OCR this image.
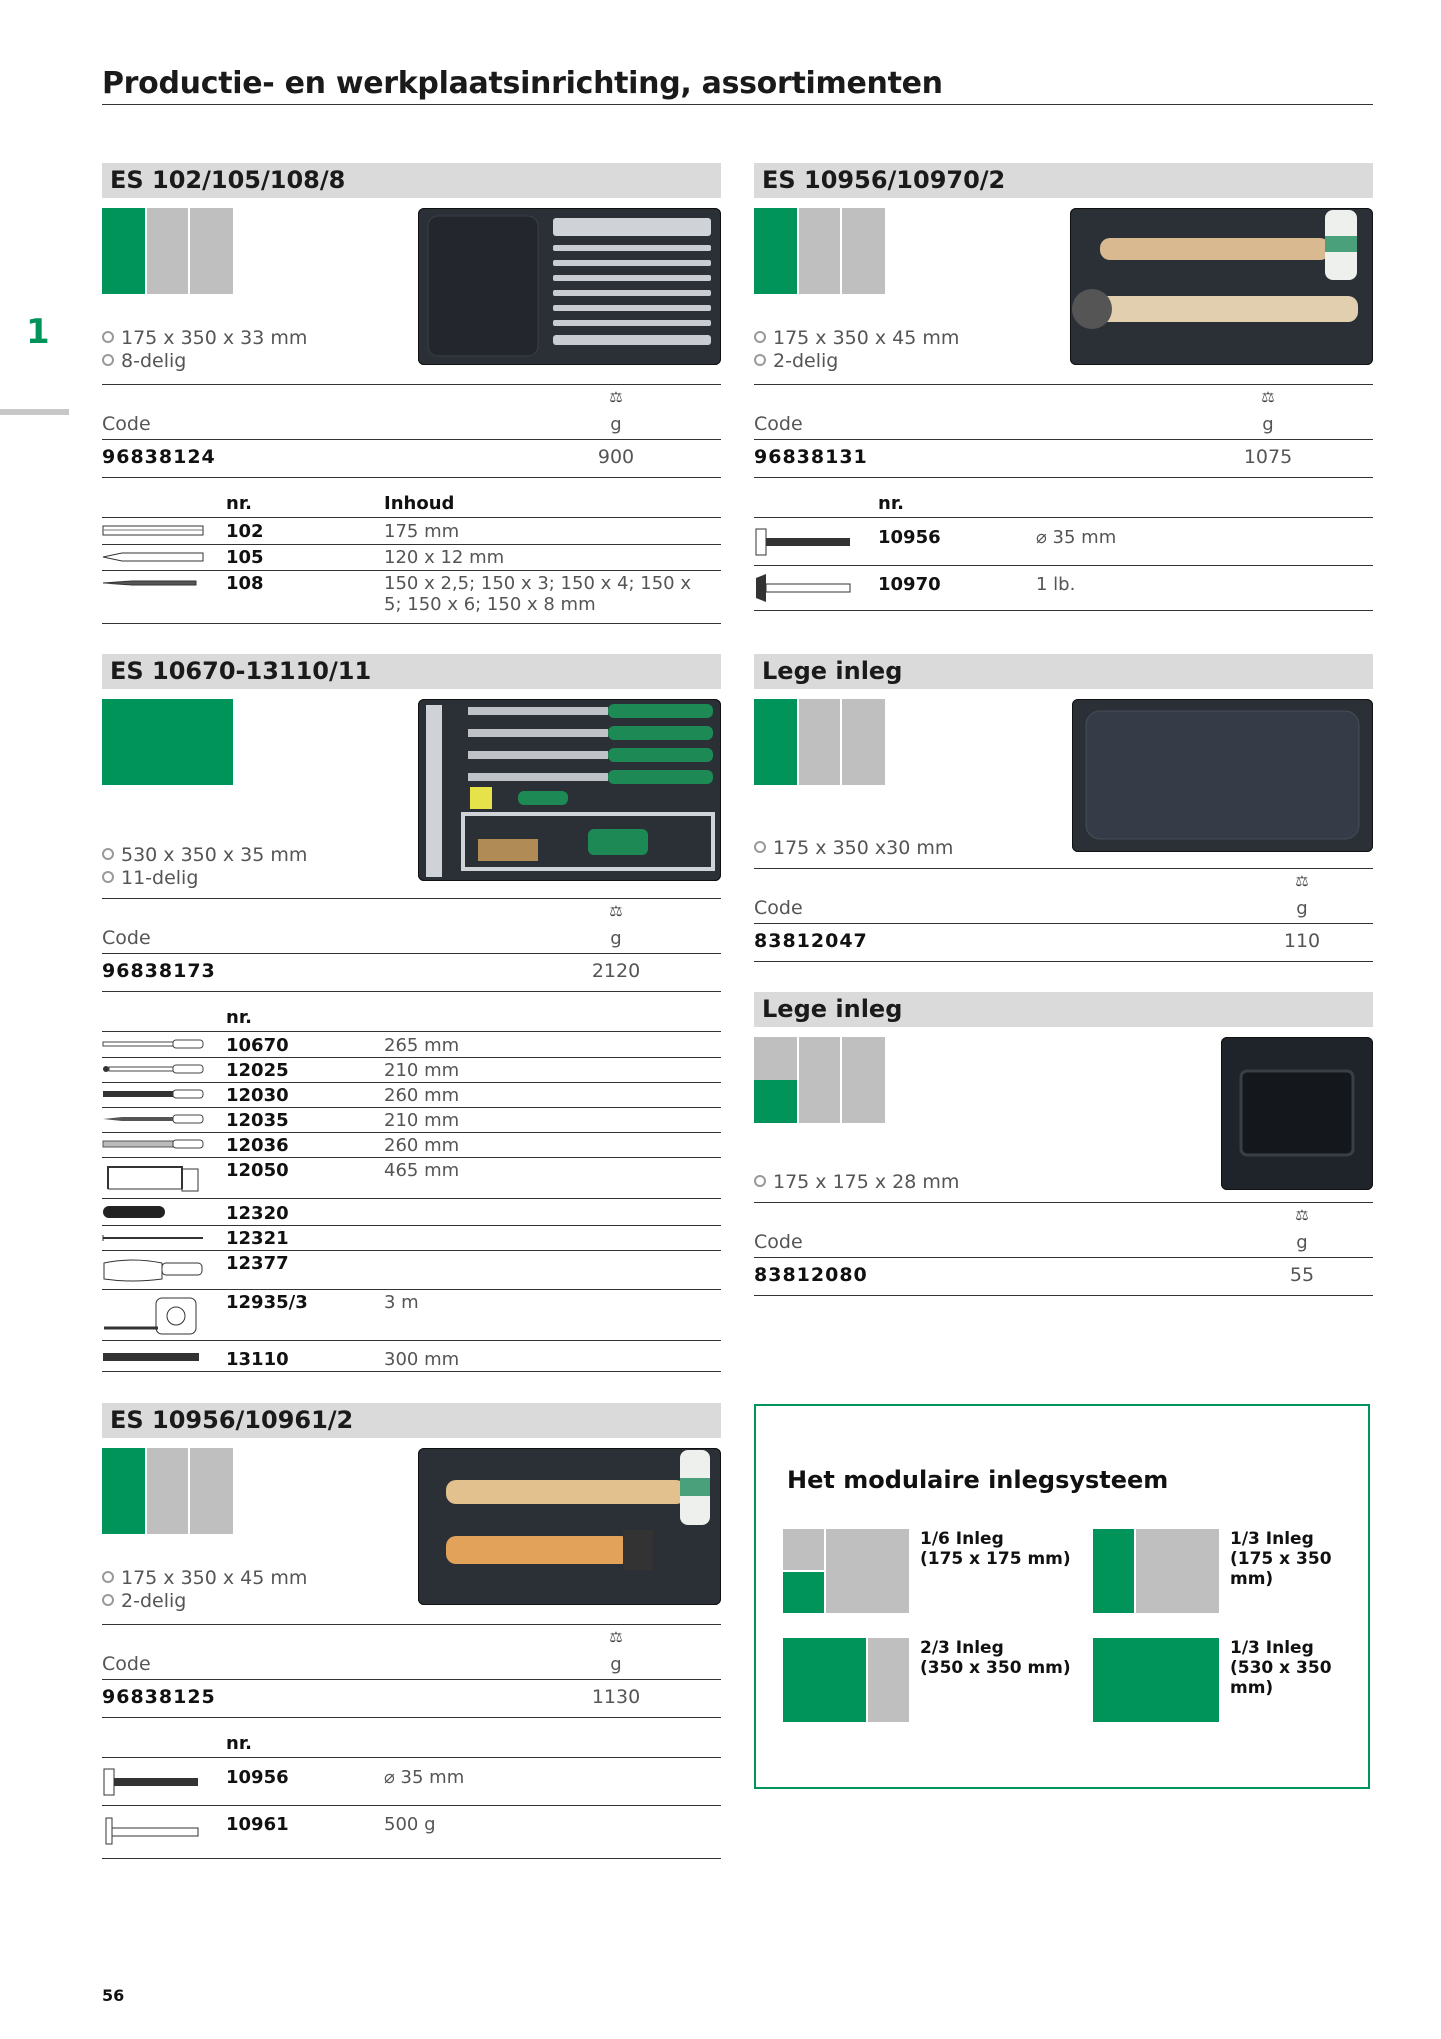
Productie- en werkplaatsinrichting, assortimenten
1
ES 102/105/108/8
175 x 350 x 33 mm
8-delig
Code
⚖
g
96838124	900
nr.	Inhoud
102	175 mm
105	120 x 12 mm
108	150 x 2,5; 150 x 3; 150 x 4; 150 x 5; 150 x 6; 150 x 8 mm
ES 10956/10970/2
175 x 350 x 45 mm
2-delig
Code
⚖
g
96838131	1075
nr.
10956	⌀ 35 mm
10970	1 lb.
ES 10670-13110/11
530 x 350 x 35 mm
11-delig
Code
⚖
g
96838173	2120
nr.
10670	265 mm
12025	210 mm
12030	260 mm
12035	210 mm
12036	260 mm
12050	465 mm
12320
12321
12377
12935/3	3 m
13110	300 mm
Lege inleg
175 x 350 x30 mm
Code
⚖
g
83812047	110
Lege inleg
175 x 175 x 28 mm
Code
⚖
g
83812080	55
ES 10956/10961/2
175 x 350 x 45 mm
2-delig
Code
⚖
g
96838125	1130
nr.
10956	⌀ 35 mm
10961	500 g
Het modulaire inlegsysteem
1/6 Inleg
(175 x 175 mm)
1/3 Inleg
(175 x 350 mm)
2/3 Inleg
(350 x 350 mm)
1/3 Inleg
(530 x 350 mm)
56
